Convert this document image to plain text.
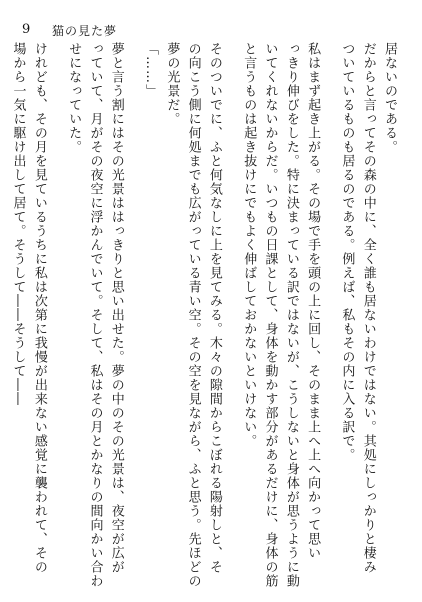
9 猫の見た夢
居ないのである。
だからと言ってその森の中に、全く誰も居ないわけではない。其処にしっかりと棲み
ついているものも居るのである。例えば、私もその内に入る訳で。
私はまず起き上がる。その場で手を頭の上に回し、そのまま上へ上へ向かって思い
っきり伸びをした。特に決まっている訳ではないが、こうしないと身体が思うように動
いてくれないからだ。いつもの日課として、身体を動かす部分があるだけに、身体の筋
と言うものは起き抜けにでもよく伸ばしておかないといけない。
そのついでに、ふと何気なしに上を見てみる。木々の隙間からこぼれる陽射しと、そ
の向こう側に何処までも広がっている青い空。その空を見ながら、ふと思う。先ほどの
夢の光景だ。
「……」
夢と言う割にはその光景ははっきりと思い出せた。夢の中のその光景は、夜空が広が
っていて、月がその夜空に浮かんでいて。そして、私はその月とかなりの間向かい合わ
せになっていた。
けれども、その月を見ているうちに私は次第に我慢が出来ない感覚に襲われて、その
場から一気に駆け出して居て。そうして――そうして――
